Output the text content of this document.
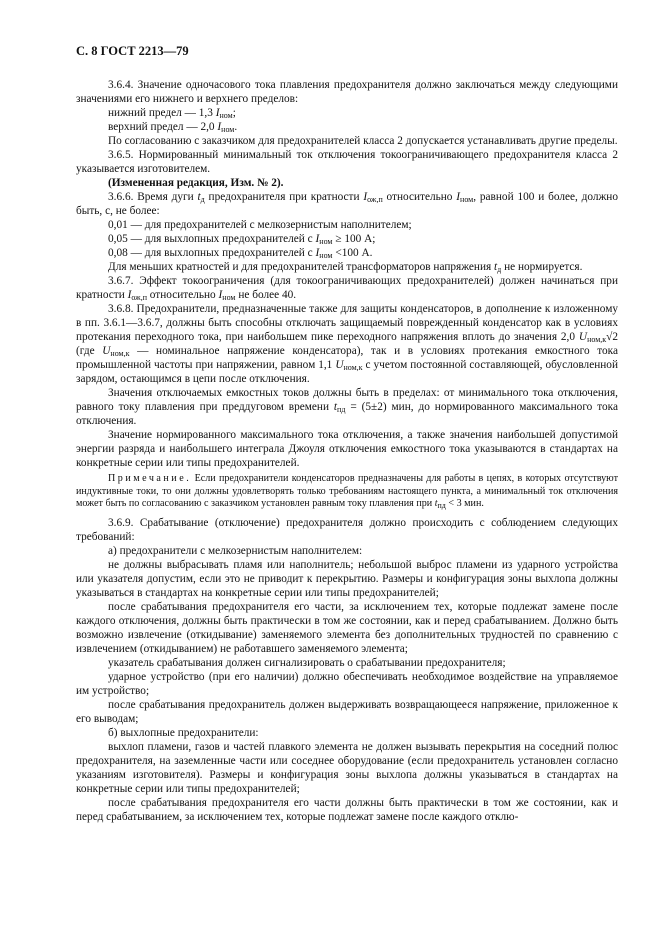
С. 8 ГОСТ 2213—79

3.6.4. Значение одночасового тока плавления предохранителя должно заключаться между следующими значениями его нижнего и верхнего пределов:

нижний предел — 1,3 $I_{ном}$;

верхний предел — 2,0 $I_{ном}$.

По согласованию с заказчиком для предохранителей класса 2 допускается устанавливать другие пределы.

3.6.5. Нормированный минимальный ток отключения токоограничивающего предохранителя класса 2 указывается изготовителем.

(Измененная редакция, Изм. № 2).

3.6.6. Время дуги $t_д$ предохранителя при кратности $I_{ож,п}$ относительно $I_{ном}$, равной 100 и более, должно быть, с, не более:

0,01 — для предохранителей с мелкозернистым наполнителем;

0,05 — для выхлопных предохранителей с $I_{ном} \ge 100$ А;

0,08 — для выхлопных предохранителей с $I_{ном} <100$ А.

Для меньших кратностей и для предохранителей трансформаторов напряжения $t_д$ не нормируется.

3.6.7. Эффект токоограничения (для токоограничивающих предохранителей) должен начинаться при кратности $I_{ож,п}$ относительно $I_{ном}$ не более 40.

3.6.8. Предохранители, предназначенные также для защиты конденсаторов, в дополнение к изложенному в пп. 3.6.1—3.6.7, должны быть способны отключать защищаемый поврежденный конденсатор как в условиях протекания переходного тока, при наибольшем пике переходного напряжения вплоть до значения 2,0 $U_{ном,к}√2$ (где $U_{ном,к}$ — номинальное напряжение конденсатора), так и в условиях протекания емкостного тока промышленной частоты при напряжении, равном 1,1 $U_{ном,к}$ с учетом постоянной составляющей, обусловленной зарядом, остающимся в цепи после отключения.

Значения отключаемых емкостных токов должны быть в пределах: от минимального тока отключения, равного току плавления при преддуговом времени $t_{пд} = (5\pm 2)$ мин, до нормированного максимального тока отключения.

Значение нормированного максимального тока отключения, а также значения наибольшей допустимой энергии разряда и наибольшего интеграла Джоуля отключения емкостного тока указываются в стандартах на конкретные серии или типы предохранителей.

Примечание. Если предохранители конденсаторов предназначены для работы в цепях, в которых отсутствуют индуктивные токи, то они должны удовлетворять только требованиям настоящего пункта, а минимальный ток отключения может быть по согласованию с заказчиком установлен равным току плавления при $t_{пд} < 3$ мин.

3.6.9. Срабатывание (отключение) предохранителя должно происходить с соблюдением следующих требований:

а) предохранители с мелкозернистым наполнителем:

не должны выбрасывать пламя или наполнитель; небольшой выброс пламени из ударного устройства или указателя допустим, если это не приводит к перекрытию. Размеры и конфигурация зоны выхлопа должны указываться в стандартах на конкретные серии или типы предохранителей;

после срабатывания предохранителя его части, за исключением тех, которые подлежат замене после каждого отключения, должны быть практически в том же состоянии, как и перед срабатыванием. Должно быть возможно извлечение (откидывание) заменяемого элемента без дополнительных трудностей по сравнению с извлечением (откидыванием) не работавшего заменяемого элемента;

указатель срабатывания должен сигнализировать о срабатывании предохранителя;

ударное устройство (при его наличии) должно обеспечивать необходимое воздействие на управляемое им устройство;

после срабатывания предохранитель должен выдерживать возвращающееся напряжение, приложенное к его выводам;

б) выхлопные предохранители:

выхлоп пламени, газов и частей плавкого элемента не должен вызывать перекрытия на соседний полюс предохранителя, на заземленные части или соседнее оборудование (если предохранитель установлен согласно указаниям изготовителя). Размеры и конфигурация зоны выхлопа должны указываться в стандартах на конкретные серии или типы предохранителей;

после срабатывания предохранителя его части должны быть практически в том же состоянии, как и перед срабатыванием, за исключением тех, которые подлежат замене после каждого отклю-
